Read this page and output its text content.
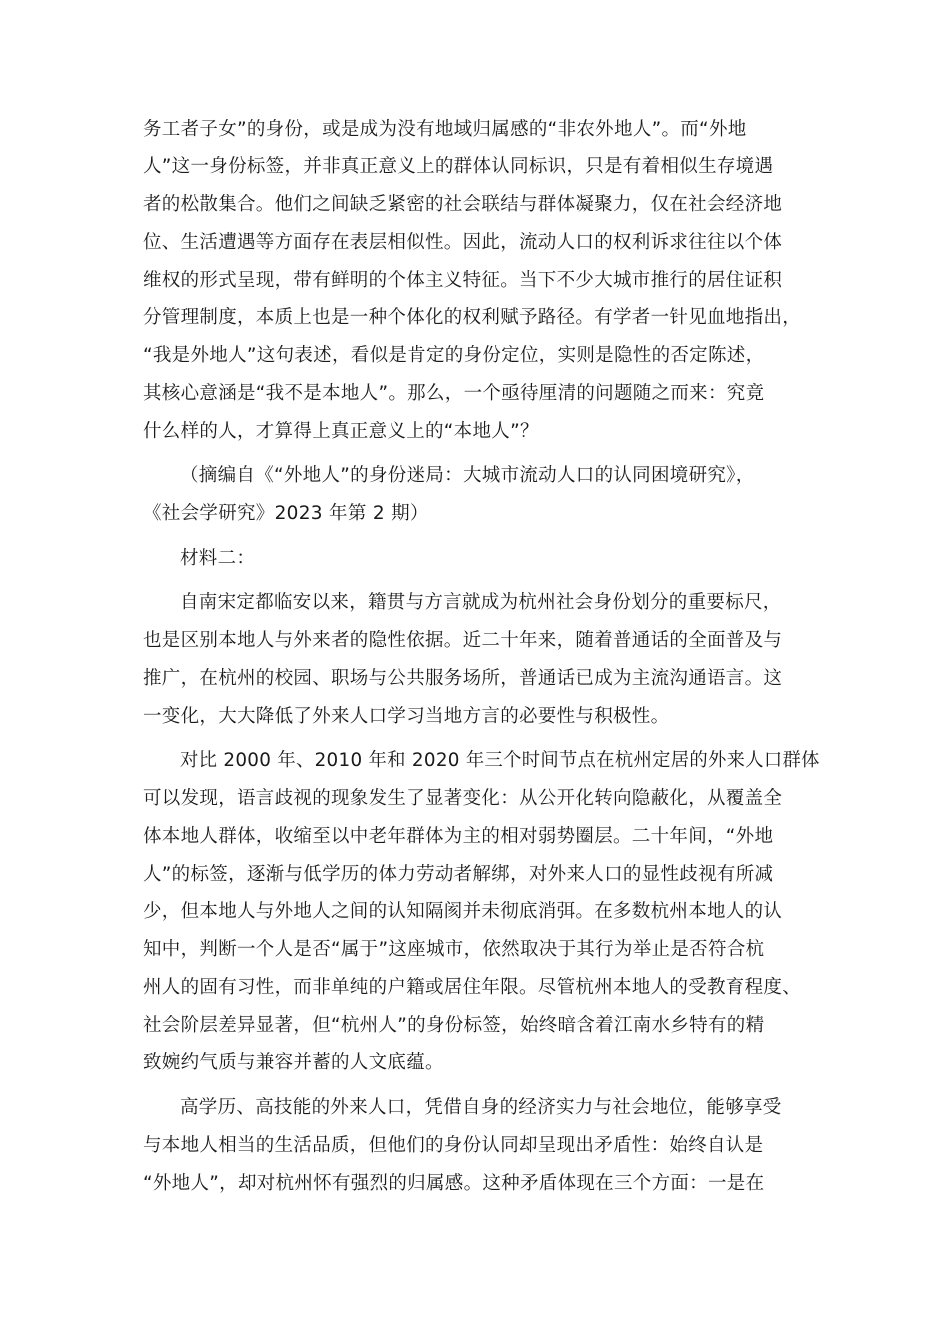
务工者子女”的身份，或是成为没有地域归属感的“非农外地人”。而“外地
人”这一身份标签，并非真正意义上的群体认同标识，只是有着相似生存境遇
者的松散集合。他们之间缺乏紧密的社会联结与群体凝聚力，仅在社会经济地
位、生活遭遇等方面存在表层相似性。因此，流动人口的权利诉求往往以个体
维权的形式呈现，带有鲜明的个体主义特征。当下不少大城市推行的居住证积
分管理制度，本质上也是一种个体化的权利赋予路径。有学者一针见血地指出，
“我是外地人”这句表述，看似是肯定的身份定位，实则是隐性的否定陈述，
其核心意涵是“我不是本地人”。那么，一个亟待厘清的问题随之而来：究竟
什么样的人，才算得上真正意义上的“本地人”？
（摘编自《“外地人”的身份迷局：大城市流动人口的认同困境研究》，
《社会学研究》2023 年第 2 期）
材料二：
自南宋定都临安以来，籍贯与方言就成为杭州社会身份划分的重要标尺，
也是区别本地人与外来者的隐性依据。近二十年来，随着普通话的全面普及与
推广，在杭州的校园、职场与公共服务场所，普通话已成为主流沟通语言。这
一变化，大大降低了外来人口学习当地方言的必要性与积极性。
对比 2000 年、2010 年和 2020 年三个时间节点在杭州定居的外来人口群体
可以发现，语言歧视的现象发生了显著变化：从公开化转向隐蔽化，从覆盖全
体本地人群体，收缩至以中老年群体为主的相对弱势圈层。二十年间，“外地
人”的标签，逐渐与低学历的体力劳动者解绑，对外来人口的显性歧视有所减
少，但本地人与外地人之间的认知隔阂并未彻底消弭。在多数杭州本地人的认
知中，判断一个人是否“属于”这座城市，依然取决于其行为举止是否符合杭
州人的固有习性，而非单纯的户籍或居住年限。尽管杭州本地人的受教育程度、
社会阶层差异显著，但“杭州人”的身份标签，始终暗含着江南水乡特有的精
致婉约气质与兼容并蓄的人文底蕴。
高学历、高技能的外来人口，凭借自身的经济实力与社会地位，能够享受
与本地人相当的生活品质，但他们的身份认同却呈现出矛盾性：始终自认是
“外地人”，却对杭州怀有强烈的归属感。这种矛盾体现在三个方面：一是在
